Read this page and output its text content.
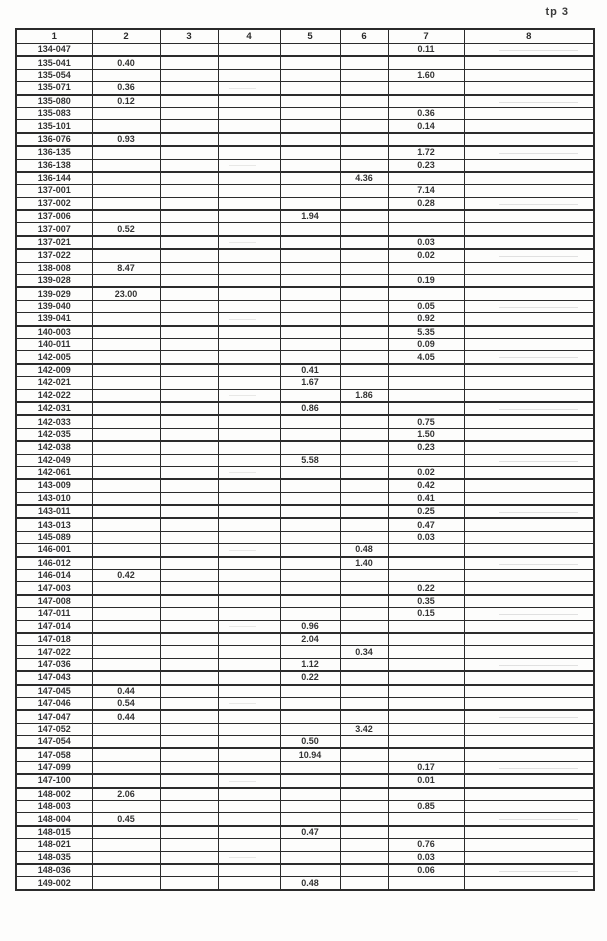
tp 3
1	2	3	4	5	6	7	8
134-047						0.11	
135-041	0.40						
135-054						1.60	
135-071	0.36						
135-080	0.12						
135-083						0.36	
135-101						0.14	
136-076	0.93						
136-135						1.72	
136-138						0.23	
136-144					4.36		
137-001						7.14	
137-002						0.28	
137-006				1.94			
137-007	0.52						
137-021						0.03	
137-022						0.02	
138-008	8.47						
139-028						0.19	
139-029	23.00						
139-040						0.05	
139-041						0.92	
140-003						5.35	
140-011						0.09	
142-005						4.05	
142-009				0.41			
142-021				1.67			
142-022					1.86		
142-031				0.86			
142-033						0.75	
142-035						1.50	
142-038						0.23	
142-049				5.58			
142-061						0.02	
143-009						0.42	
143-010						0.41	
143-011						0.25	
143-013						0.47	
145-089						0.03	
146-001					0.48		
146-012					1.40		
146-014	0.42						
147-003						0.22	
147-008						0.35	
147-011						0.15	
147-014				0.96			
147-018				2.04			
147-022					0.34		
147-036				1.12			
147-043				0.22			
147-045	0.44						
147-046	0.54						
147-047	0.44						
147-052					3.42		
147-054				0.50			
147-058				10.94			
147-099						0.17	
147-100						0.01	
148-002	2.06						
148-003						0.85	
148-004	0.45						
148-015				0.47			
148-021						0.76	
148-035						0.03	
148-036						0.06	
149-002				0.48			
